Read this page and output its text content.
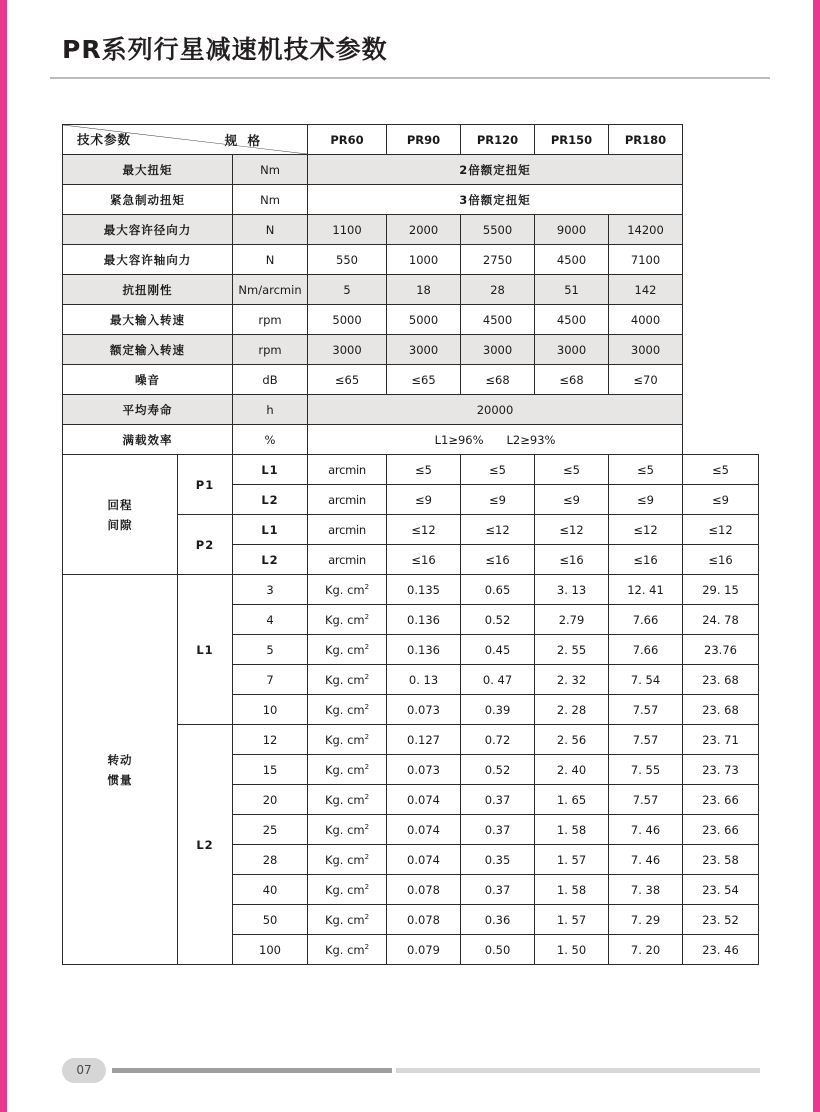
PR系列行星减速机技术参数
规 格
技术参数			PR60	PR90	PR120	PR150	PR180	
最大扭矩		Nm	2倍额定扭矩					
紧急制动扭矩		Nm	3倍额定扭矩					
最大容许径向力		N	1100	2000	5500	9000	14200	
最大容许轴向力		N	550	1000	2750	4500	7100	
抗扭刚性		Nm/arcmin	5	18	28	51	142	
最大输入转速		rpm	5000	5000	4500	4500	4000	
额定输入转速		rpm	3000	3000	3000	3000	3000	
噪音		dB	≤65	≤65	≤68	≤68	≤70	
平均寿命		h	20000					
满载效率		%	L1≥96%　　L2≥93%					
回程
间隙	P1	L1	arcmin	≤5	≤5	≤5	≤5	≤5
		L2	arcmin	≤9	≤9	≤9	≤9	≤9
	P2	L1	arcmin	≤12	≤12	≤12	≤12	≤12
		L2	arcmin	≤16	≤16	≤16	≤16	≤16
转动
惯量	L1	3	Kg. $cm^2$	0.135	0.65	3. 13	12. 41	29. 15
		4	Kg. $cm^2$	0.136	0.52	2.79	7.66	24. 78
		5	Kg. $cm^2$	0.136	0.45	2. 55	7.66	23.76
		7	Kg. $cm^2$	0. 13	0. 47	2. 32	7. 54	23. 68
		10	Kg. $cm^2$	0.073	0.39	2. 28	7.57	23. 68
	L2	12	Kg. $cm^2$	0.127	0.72	2. 56	7.57	23. 71
		15	Kg. $cm^2$	0.073	0.52	2. 40	7. 55	23. 73
		20	Kg. $cm^2$	0.074	0.37	1. 65	7.57	23. 66
		25	Kg. $cm^2$	0.074	0.37	1. 58	7. 46	23. 66
		28	Kg. $cm^2$	0.074	0.35	1. 57	7. 46	23. 58
		40	Kg. $cm^2$	0.078	0.37	1. 58	7. 38	23. 54
		50	Kg. $cm^2$	0.078	0.36	1. 57	7. 29	23. 52
		100	Kg. $cm^2$	0.079	0.50	1. 50	7. 20	23. 46
07
